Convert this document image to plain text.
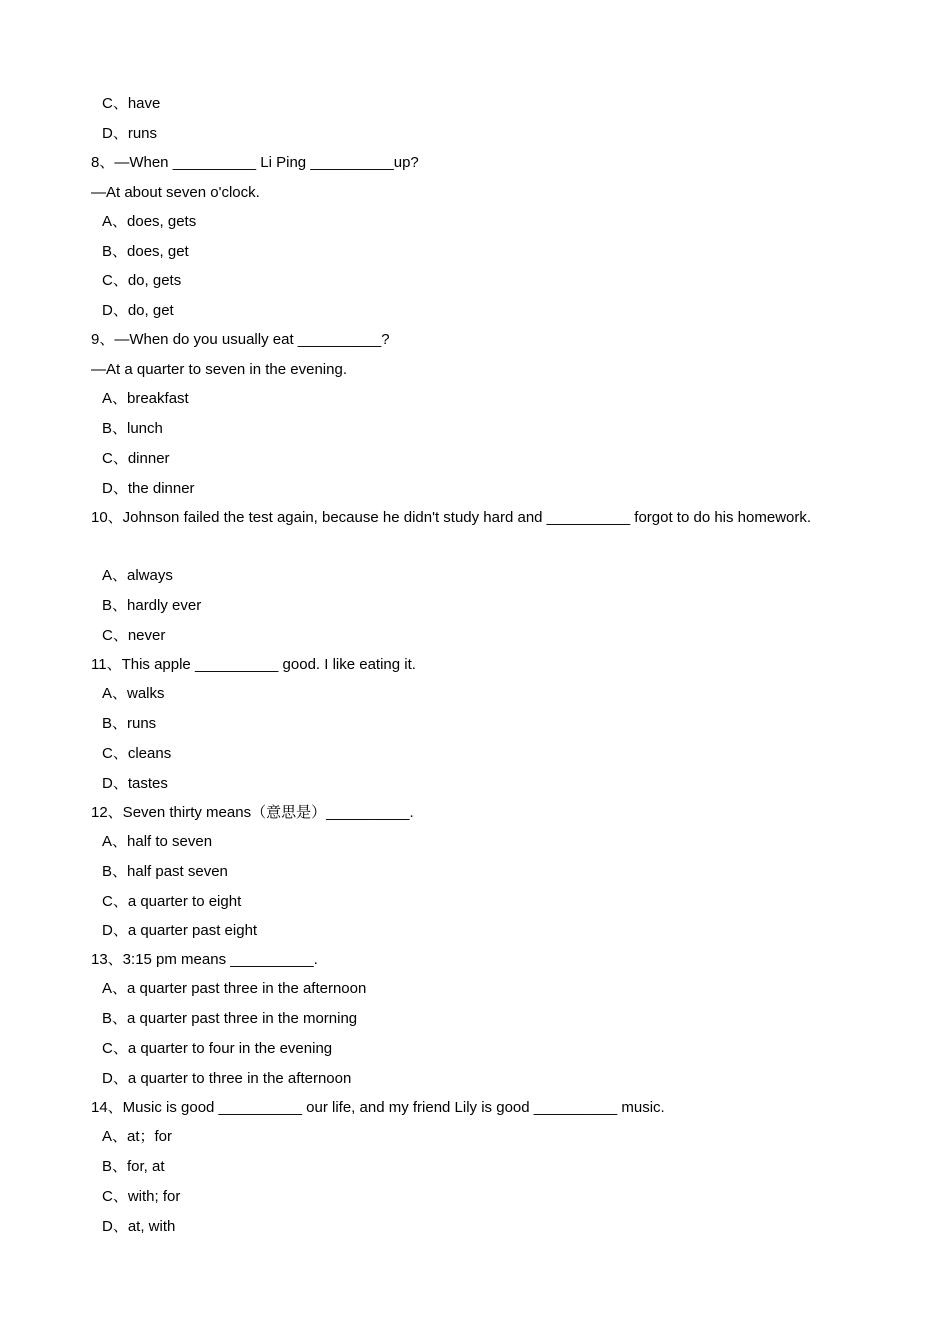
C、have
D、runs
8、—When __________ Li Ping __________up?
—At about seven o'clock.
A、does, gets
B、does, get
C、do, gets
D、do, get
9、—When do you usually eat __________?
—At a quarter to seven in the evening.
A、breakfast
B、lunch
C、dinner
D、the dinner
10、Johnson failed the test again, because he didn't study hard and __________ forgot to do his homework.
A、always
B、hardly ever
C、never
11、This apple __________ good. I like eating it.
A、walks
B、runs
C、cleans
D、tastes
12、Seven thirty means（意思是）__________.
A、half to seven
B、half past seven
C、a quarter to eight
D、a quarter past eight
13、3:15 pm means __________.
A、a quarter past three in the afternoon
B、a quarter past three in the morning
C、a quarter to four in the evening
D、a quarter to three in the afternoon
14、Music is good __________ our life, and my friend Lily is good __________ music.
A、at；for
B、for, at
C、with; for
D、at, with
